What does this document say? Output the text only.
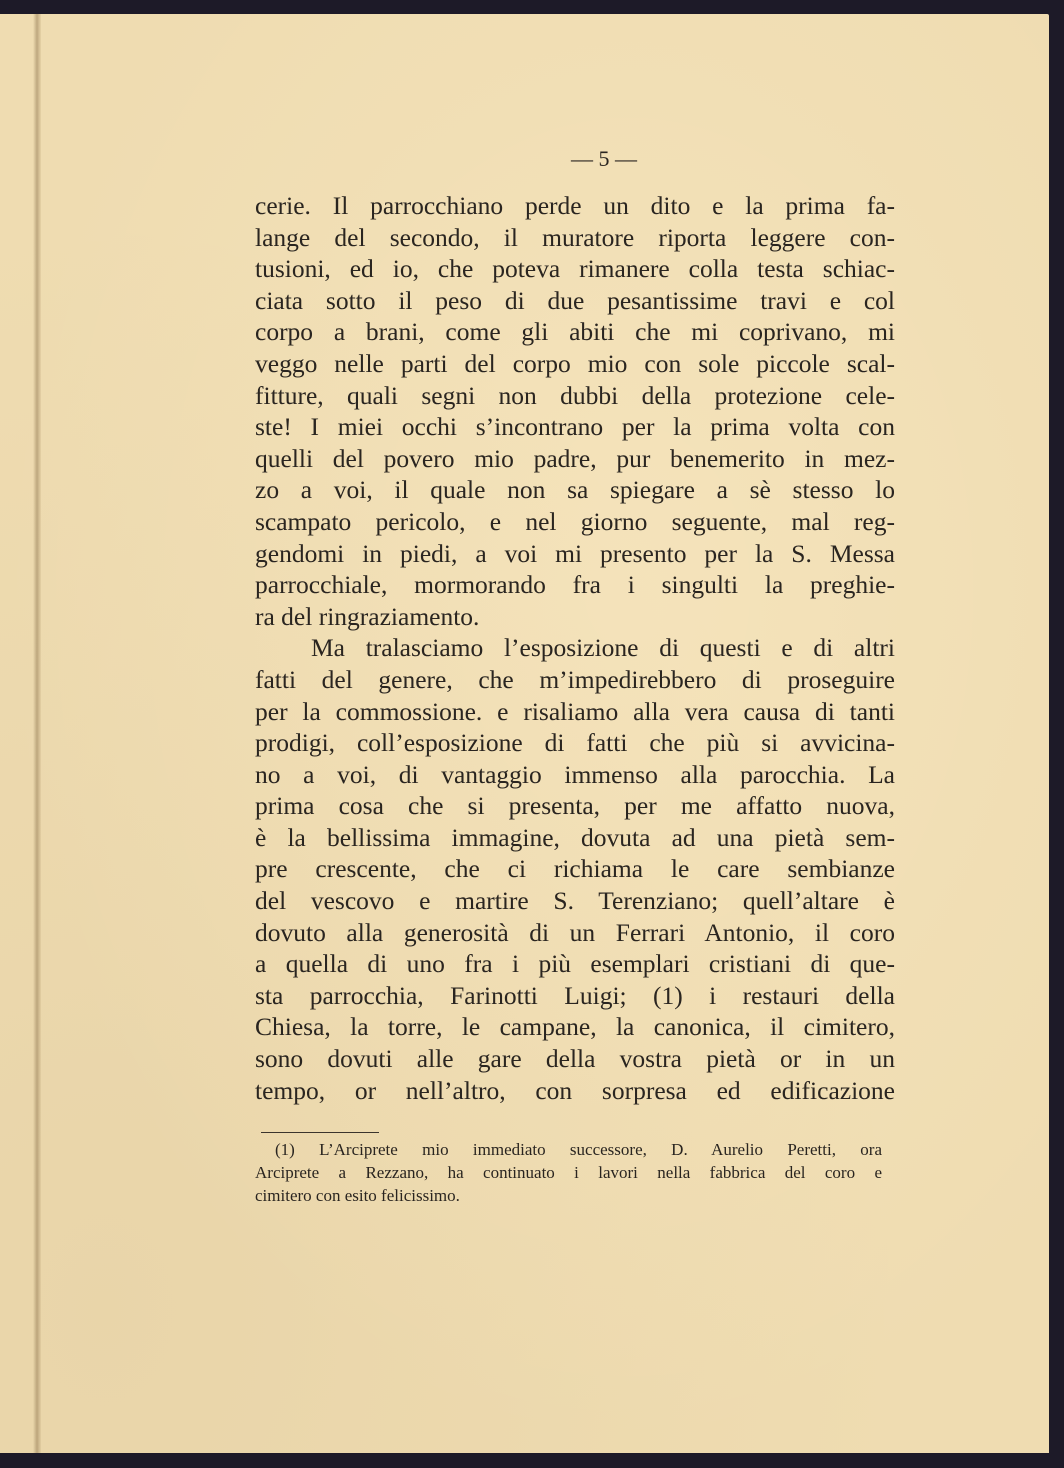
— 5 —
cerie. Il parrocchiano perde un dito e la prima fa-
lange del secondo, il muratore riporta leggere con-
tusioni, ed io, che poteva rimanere colla testa schiac-
ciata sotto il peso di due pesantissime travi e col
corpo a brani, come gli abiti che mi coprivano, mi
veggo nelle parti del corpo mio con sole piccole scal-
fitture, quali segni non dubbi della protezione cele-
ste! I miei occhi s’incontrano per la prima volta con
quelli del povero mio padre, pur benemerito in mez-
zo a voi, il quale non sa spiegare a sè stesso lo
scampato pericolo, e nel giorno seguente, mal reg-
gendomi in piedi, a voi mi presento per la S. Messa
parrocchiale, mormorando fra i singulti la preghie-
ra del ringraziamento.
Ma tralasciamo l’esposizione di questi e di altri
fatti del genere, che m’impedirebbero di proseguire
per la commossione. e risaliamo alla vera causa di tanti
prodigi, coll’esposizione di fatti che più si avvicina-
no a voi, di vantaggio immenso alla parocchia. La
prima cosa che si presenta, per me affatto nuova,
è la bellissima immagine, dovuta ad una pietà sem-
pre crescente, che ci richiama le care sembianze
del vescovo e martire S. Terenziano; quell’altare è
dovuto alla generosità di un Ferrari Antonio, il coro
a quella di uno fra i più esemplari cristiani di que-
sta parrocchia, Farinotti Luigi; (1) i restauri della
Chiesa, la torre, le campane, la canonica, il cimitero,
sono dovuti alle gare della vostra pietà or in un
tempo, or nell’altro, con sorpresa ed edificazione
(1) L’Arciprete mio immediato successore, D. Aurelio Peretti, ora
Arciprete a Rezzano, ha continuato i lavori nella fabbrica del coro e
cimitero con esito felicissimo.
